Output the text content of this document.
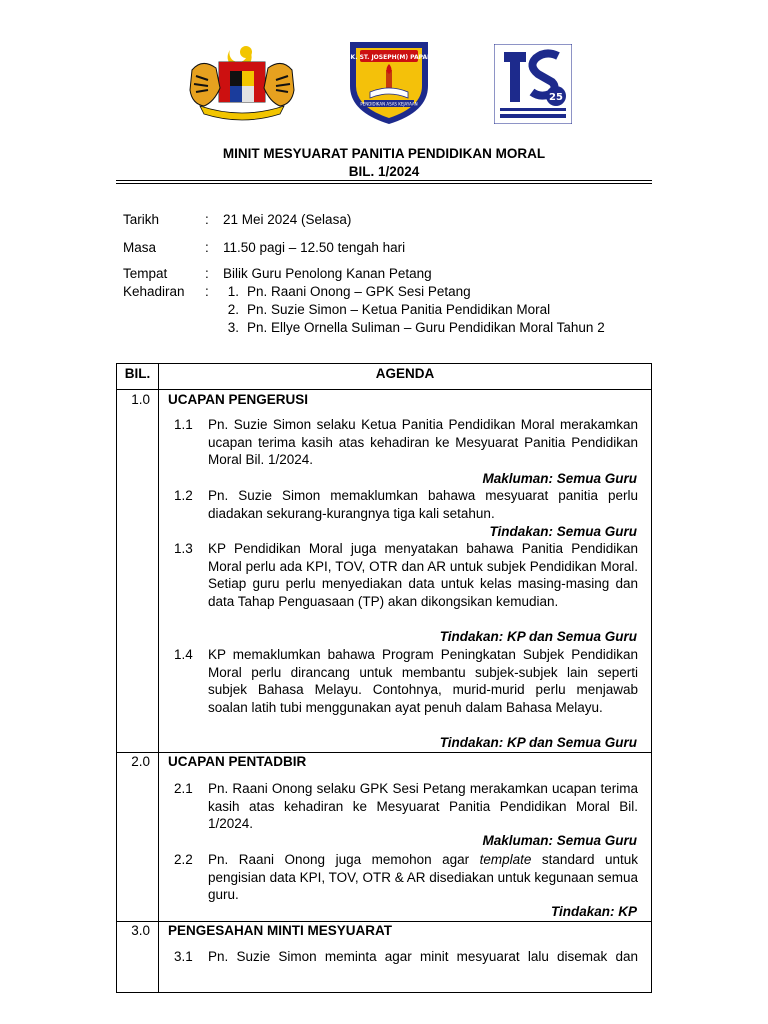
SK. ST. JOSEPH(M) PAPAR
PENDIDIKAN ASAS KEJAYAAN
25
MINIT MESYUARAT PANITIA PENDIDIKAN MORAL
BIL. 1/2024
Tarikh	: 21 Mei 2024 (Selasa)
Masa	: 11.50 pagi – 12.50 tengah hari
Tempat	: Bilik Guru Penolong Kanan Petang
Kehadiran :	1. Pn. Raani Onong – GPK Sesi Petang
2. Pn. Suzie Simon – Ketua Panitia Pendidikan Moral
3. Pn. Ellye Ornella Suliman – Guru Pendidikan Moral Tahun 2
BIL.	AGENDA
1.0 UCAPAN PENGERUSI
1.1 Pn. Suzie Simon selaku Ketua Panitia Pendidikan Moral merakamkan ucapan terima kasih atas kehadiran ke Mesyuarat Panitia Pendidikan Moral Bil. 1/2024.
Makluman: Semua Guru
1.2 Pn. Suzie Simon memaklumkan bahawa mesyuarat panitia perlu diadakan sekurang-kurangnya tiga kali setahun.
Tindakan: Semua Guru
1.3 KP Pendidikan Moral juga menyatakan bahawa Panitia Pendidikan Moral perlu ada KPI, TOV, OTR dan AR untuk subjek Pendidikan Moral. Setiap guru perlu menyediakan data untuk kelas masing-masing dan data Tahap Penguasaan (TP) akan dikongsikan kemudian.
Tindakan: KP dan Semua Guru
1.4 KP memaklumkan bahawa Program Peningkatan Subjek Pendidikan Moral perlu dirancang untuk membantu subjek-subjek lain seperti subjek Bahasa Melayu. Contohnya, murid-murid perlu menjawab soalan latih tubi menggunakan ayat penuh dalam Bahasa Melayu.
Tindakan: KP dan Semua Guru
2.0 UCAPAN PENTADBIR
2.1 Pn. Raani Onong selaku GPK Sesi Petang merakamkan ucapan terima kasih atas kehadiran ke Mesyuarat Panitia Pendidikan Moral Bil. 1/2024.
Makluman: Semua Guru
2.2 Pn. Raani Onong juga memohon agar template standard untuk pengisian data KPI, TOV, OTR & AR disediakan untuk kegunaan semua guru.
Tindakan: KP
3.0 PENGESAHAN MINTI MESYUARAT
3.1 Pn. Suzie Simon meminta agar minit mesyuarat lalu disemak dan
